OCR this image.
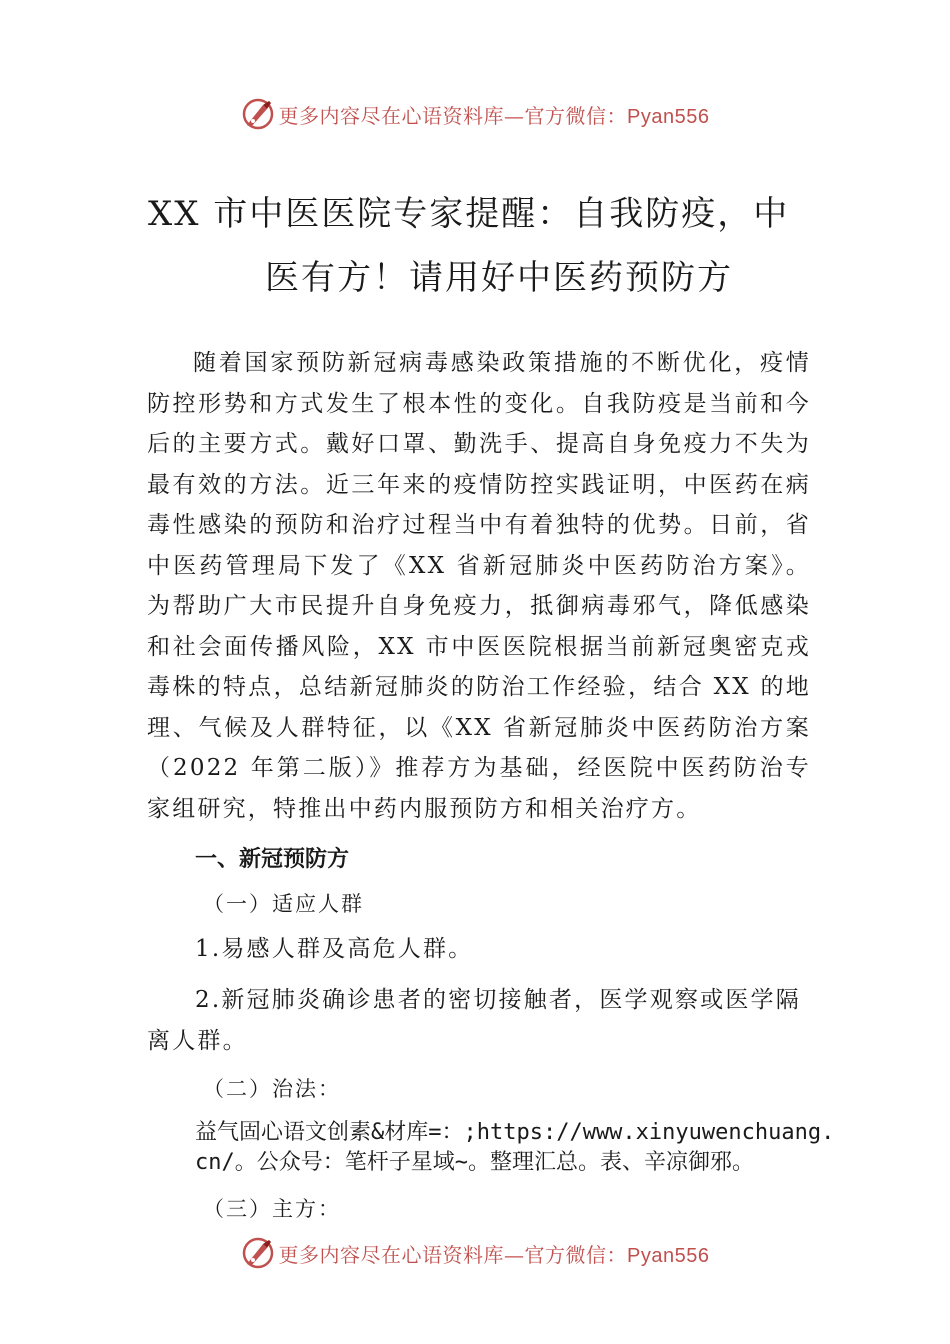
更多内容尽在心语资料库—官方微信：Pyan556
XX 市中医医院专家提醒：自我防疫，中
医有方！请用好中医药预防方

随着国家预防新冠病毒感染政策措施的不断优化，疫情防控形势和方式发生了根本性的变化。自我防疫是当前和今后的主要方式。戴好口罩、勤洗手、提高自身免疫力不失为最有效的方法。近三年来的疫情防控实践证明，中医药在病毒性感染的预防和治疗过程当中有着独特的优势。日前，省中医药管理局下发了《XX 省新冠肺炎中医药防治方案》。为帮助广大市民提升自身免疫力，抵御病毒邪气，降低感染和社会面传播风险，XX 市中医医院根据当前新冠奥密克戎毒株的特点，总结新冠肺炎的防治工作经验，结合 XX 的地理、气候及人群特征，以《XX 省新冠肺炎中医药防治方案（2022 年第二版）》推荐方为基础，经医院中医药防治专家组研究，特推出中药内服预防方和相关治疗方。

一、新冠预防方

（一）适应人群

1.易感人群及高危人群。

2.新冠肺炎确诊患者的密切接触者，医学观察或医学隔离人群。

（二）治法：

益气固心语文创素&材库=：;https://www.xinyuwenchuang.cn/。公众号：笔杆子星域~。整理汇总。表、辛凉御邪。

（三）主方：

更多内容尽在心语资料库—官方微信：Pyan556
